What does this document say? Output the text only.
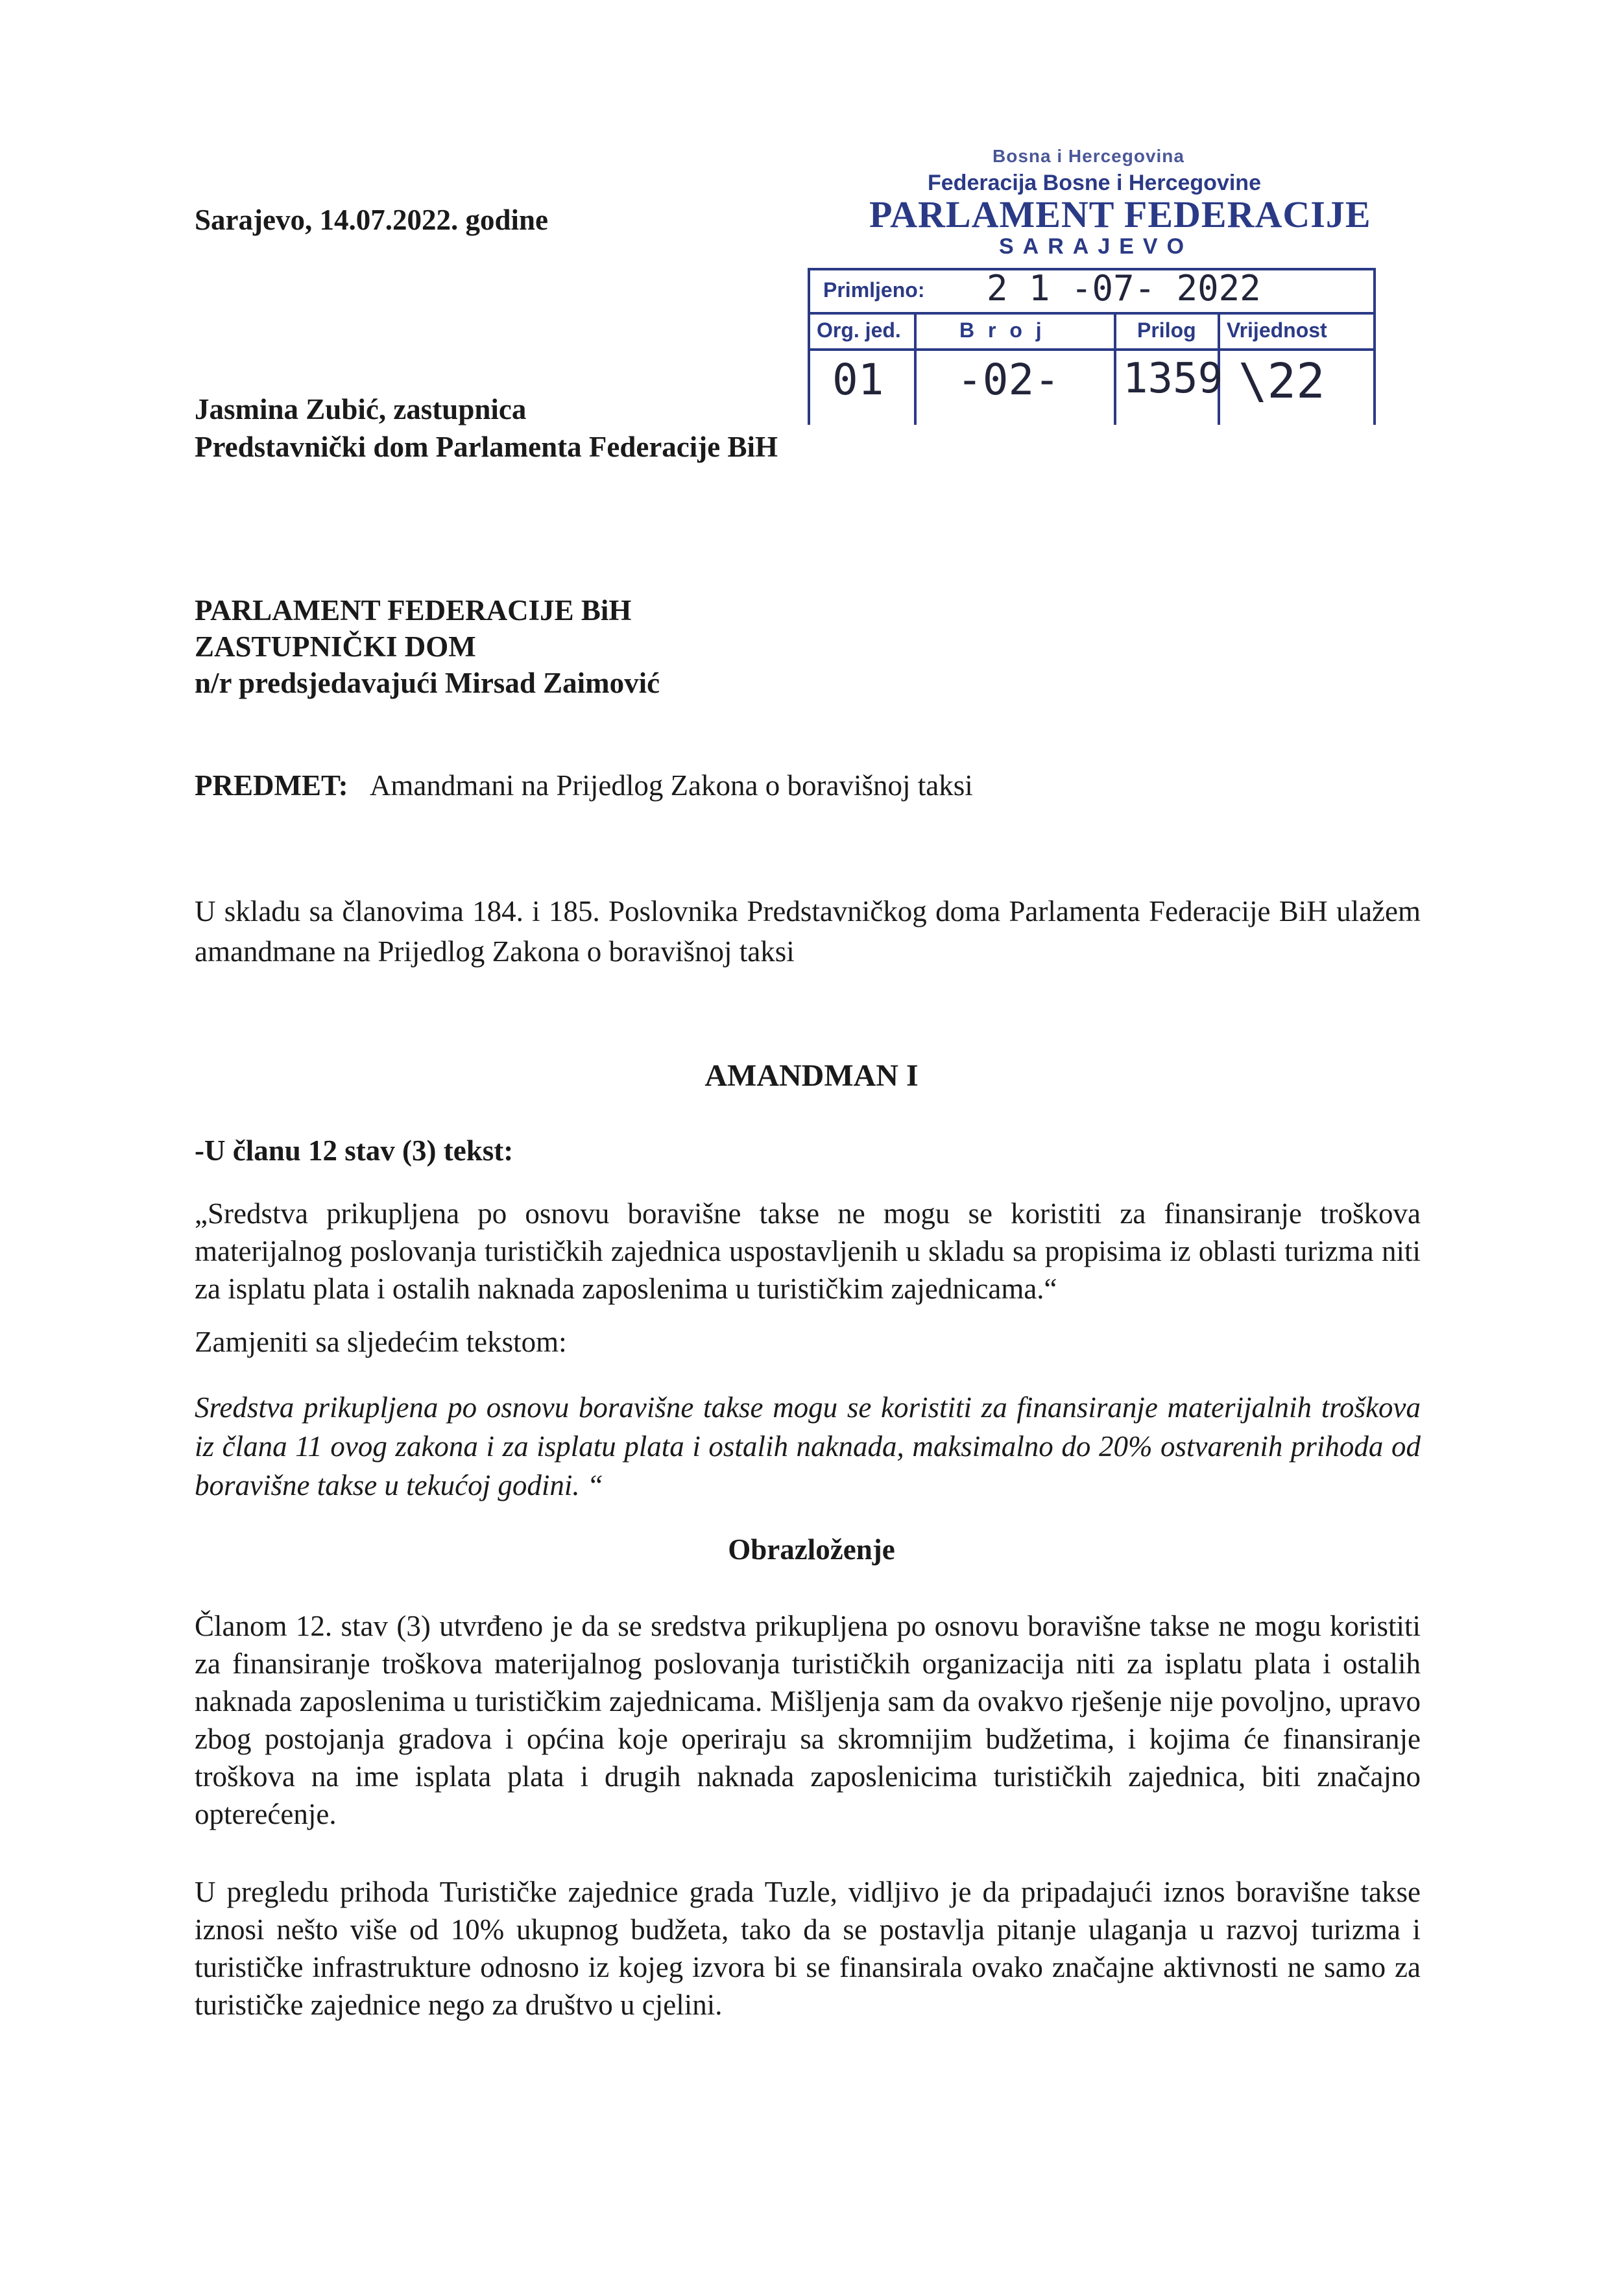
Sarajevo, 14.07.2022. godine
Jasmina Zubić, zastupnica
Predstavnički dom Parlamenta Federacije BiH
Bosna i Hercegovina
Federacija Bosne i Hercegovine
PARLAMENT FEDERACIJE
SARAJEVO
Primljeno: 2 1 -07- 2022
Org. jed.	B r o j	Prilog Vrijednost
01 -02- 1359 \22
PARLAMENT FEDERACIJE BiH
ZASTUPNIČKI DOM
n/r predsjedavajući Mirsad Zaimović
PREDMET: Amandmani na Prijedlog Zakona o boravišnoj taksi
U skladu sa članovima 184. i 185. Poslovnika Predstavničkog doma Parlamenta Federacije BiH ulažem amandmane na Prijedlog Zakona o boravišnoj taksi
AMANDMAN I
-U članu 12 stav (3) tekst:
„Sredstva prikupljena po osnovu boravišne takse ne mogu se koristiti za finansiranje troškova materijalnog poslovanja turističkih zajednica uspostavljenih u skladu sa propisima iz oblasti turizma niti za isplatu plata i ostalih naknada zaposlenima u turističkim zajednicama.“
Zamjeniti sa sljedećim tekstom:
Sredstva prikupljena po osnovu boravišne takse mogu se koristiti za finansiranje materijalnih troškova iz člana 11 ovog zakona i za isplatu plata i ostalih naknada, maksimalno do 20% ostvarenih prihoda od boravišne takse u tekućoj godini. “
Obrazloženje
Članom 12. stav (3) utvrđeno je da se sredstva prikupljena po osnovu boravišne takse ne mogu koristiti za finansiranje troškova materijalnog poslovanja turističkih organizacija niti za isplatu plata i ostalih naknada zaposlenima u turističkim zajednicama. Mišljenja sam da ovakvo rješenje nije povoljno, upravo zbog postojanja gradova i općina koje operiraju sa skromnijim budžetima, i kojima će finansiranje troškova na ime isplata plata i drugih naknada zaposlenicima turističkih zajednica, biti značajno opterećenje.
U pregledu prihoda Turističke zajednice grada Tuzle, vidljivo je da pripadajući iznos boravišne takse iznosi nešto više od 10% ukupnog budžeta, tako da se postavlja pitanje ulaganja u razvoj turizma i turističke infrastrukture odnosno iz kojeg izvora bi se finansirala ovako značajne aktivnosti ne samo za turističke zajednice nego za društvo u cjelini.
